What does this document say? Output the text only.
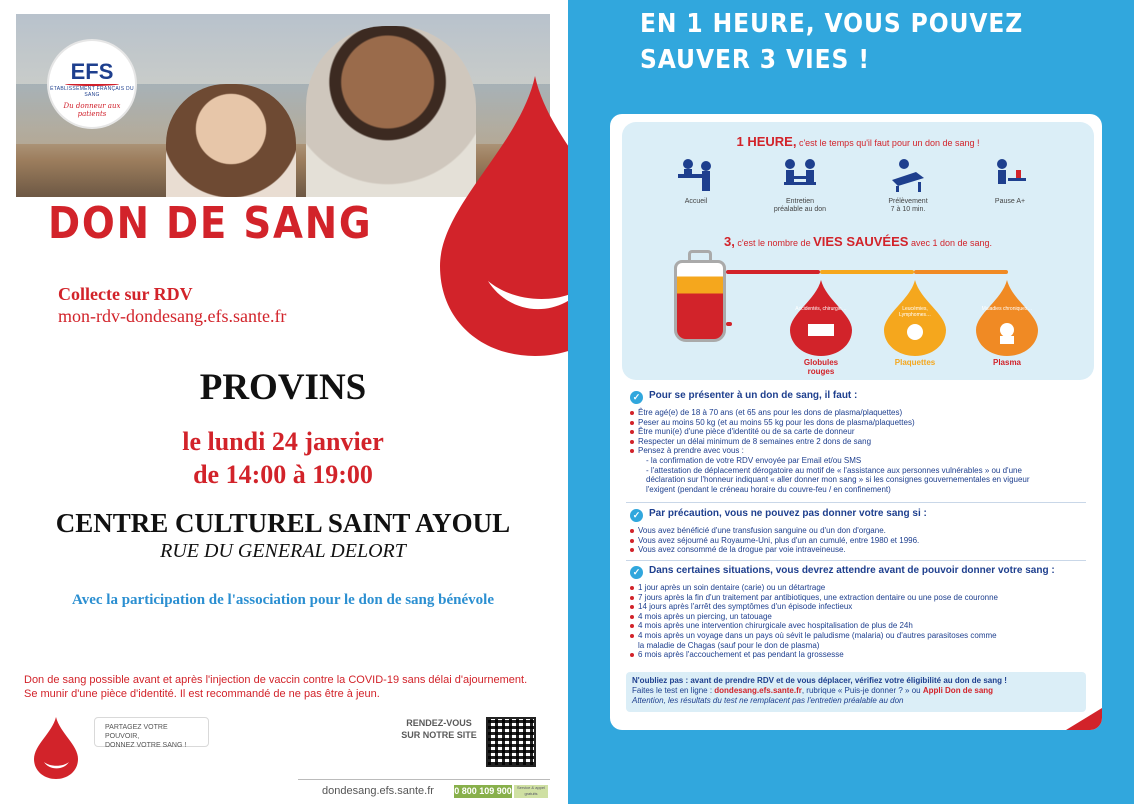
EFS
ÉTABLISSEMENT FRANÇAIS DU SANG
Du donneur aux patients
DON DE SANG
Collecte sur RDV
mon-rdv-dondesang.efs.sante.fr
PROVINS
le lundi 24 janvier
de 14:00 à 19:00
CENTRE CULTUREL SAINT AYOUL
RUE DU GENERAL DELORT
Avec la participation de l'association pour le don de sang bénévole
Don de sang possible avant et après l'injection de vaccin contre la COVID-19 sans délai d'ajournement.
Se munir d'une pièce d'identité. Il est recommandé de ne pas être à jeun.
PARTAGEZ VOTRE POUVOIR,
DONNEZ VOTRE SANG !
RENDEZ-VOUS
SUR NOTRE SITE
dondesang.efs.sante.fr 0 800 109 900	Service & appel gratuits
EN 1 HEURE, VOUS POUVEZ
SAUVER 3 VIES !
1 HEURE, c'est le temps qu'il faut pour un don de sang !
Accueil	Entretien
préalable au don
Prélèvement
7 à 10 min.
Pause A+
3, c'est le nombre de VIES SAUVÉES avec 1 don de sang.
Accidentés, chirurgie…
Globules
rouges
Leucémies, Lymphomes…
Plaquettes
Maladies chroniques…
Plasma
✓ Pour se présenter à un don de sang, il faut :
Être agé(e) de 18 à 70 ans (et 65 ans pour les dons de plasma/plaquettes)
Peser au moins 50 kg (et au moins 55 kg pour les dons de plasma/plaquettes)
Être muni(e) d'une pièce d'identité ou de sa carte de donneur
Respecter un délai minimum de 8 semaines entre 2 dons de sang
Pensez à prendre avec vous :
- la confirmation de votre RDV envoyée par Email et/ou SMS
- l'attestation de déplacement dérogatoire au motif de « l'assistance aux personnes vulnérables » ou d'une
déclaration sur l'honneur indiquant « aller donner mon sang » si les consignes gouvernementales en vigueur
l'exigent (pendant le créneau horaire du couvre-feu / en confinement)
✓ Par précaution, vous ne pouvez pas donner votre sang si :
Vous avez bénéficié d'une transfusion sanguine ou d'un don d'organe.
Vous avez séjourné au Royaume-Uni, plus d'un an cumulé, entre 1980 et 1996.
Vous avez consommé de la drogue par voie intraveineuse.
✓ Dans certaines situations, vous devrez attendre avant de pouvoir donner votre sang :
1 jour après un soin dentaire (carie) ou un détartrage
7 jours après la fin d'un traitement par antibiotiques, une extraction dentaire ou une pose de couronne
14 jours après l'arrêt des symptômes d'un épisode infectieux
4 mois après un piercing, un tatouage
4 mois après une intervention chirurgicale avec hospitalisation de plus de 24h
4 mois après un voyage dans un pays où sévit le paludisme (malaria) ou d'autres parasitoses comme
la maladie de Chagas (sauf pour le don de plasma)
6 mois après l'accouchement et pas pendant la grossesse
N'oubliez pas : avant de prendre RDV et de vous déplacer, vérifiez votre éligibilité au don de sang !
Faites le test en ligne : dondesang.efs.sante.fr, rubrique « Puis-je donner ? » ou Appli Don de sang
Attention, les résultats du test ne remplacent pas l'entretien préalable au don
